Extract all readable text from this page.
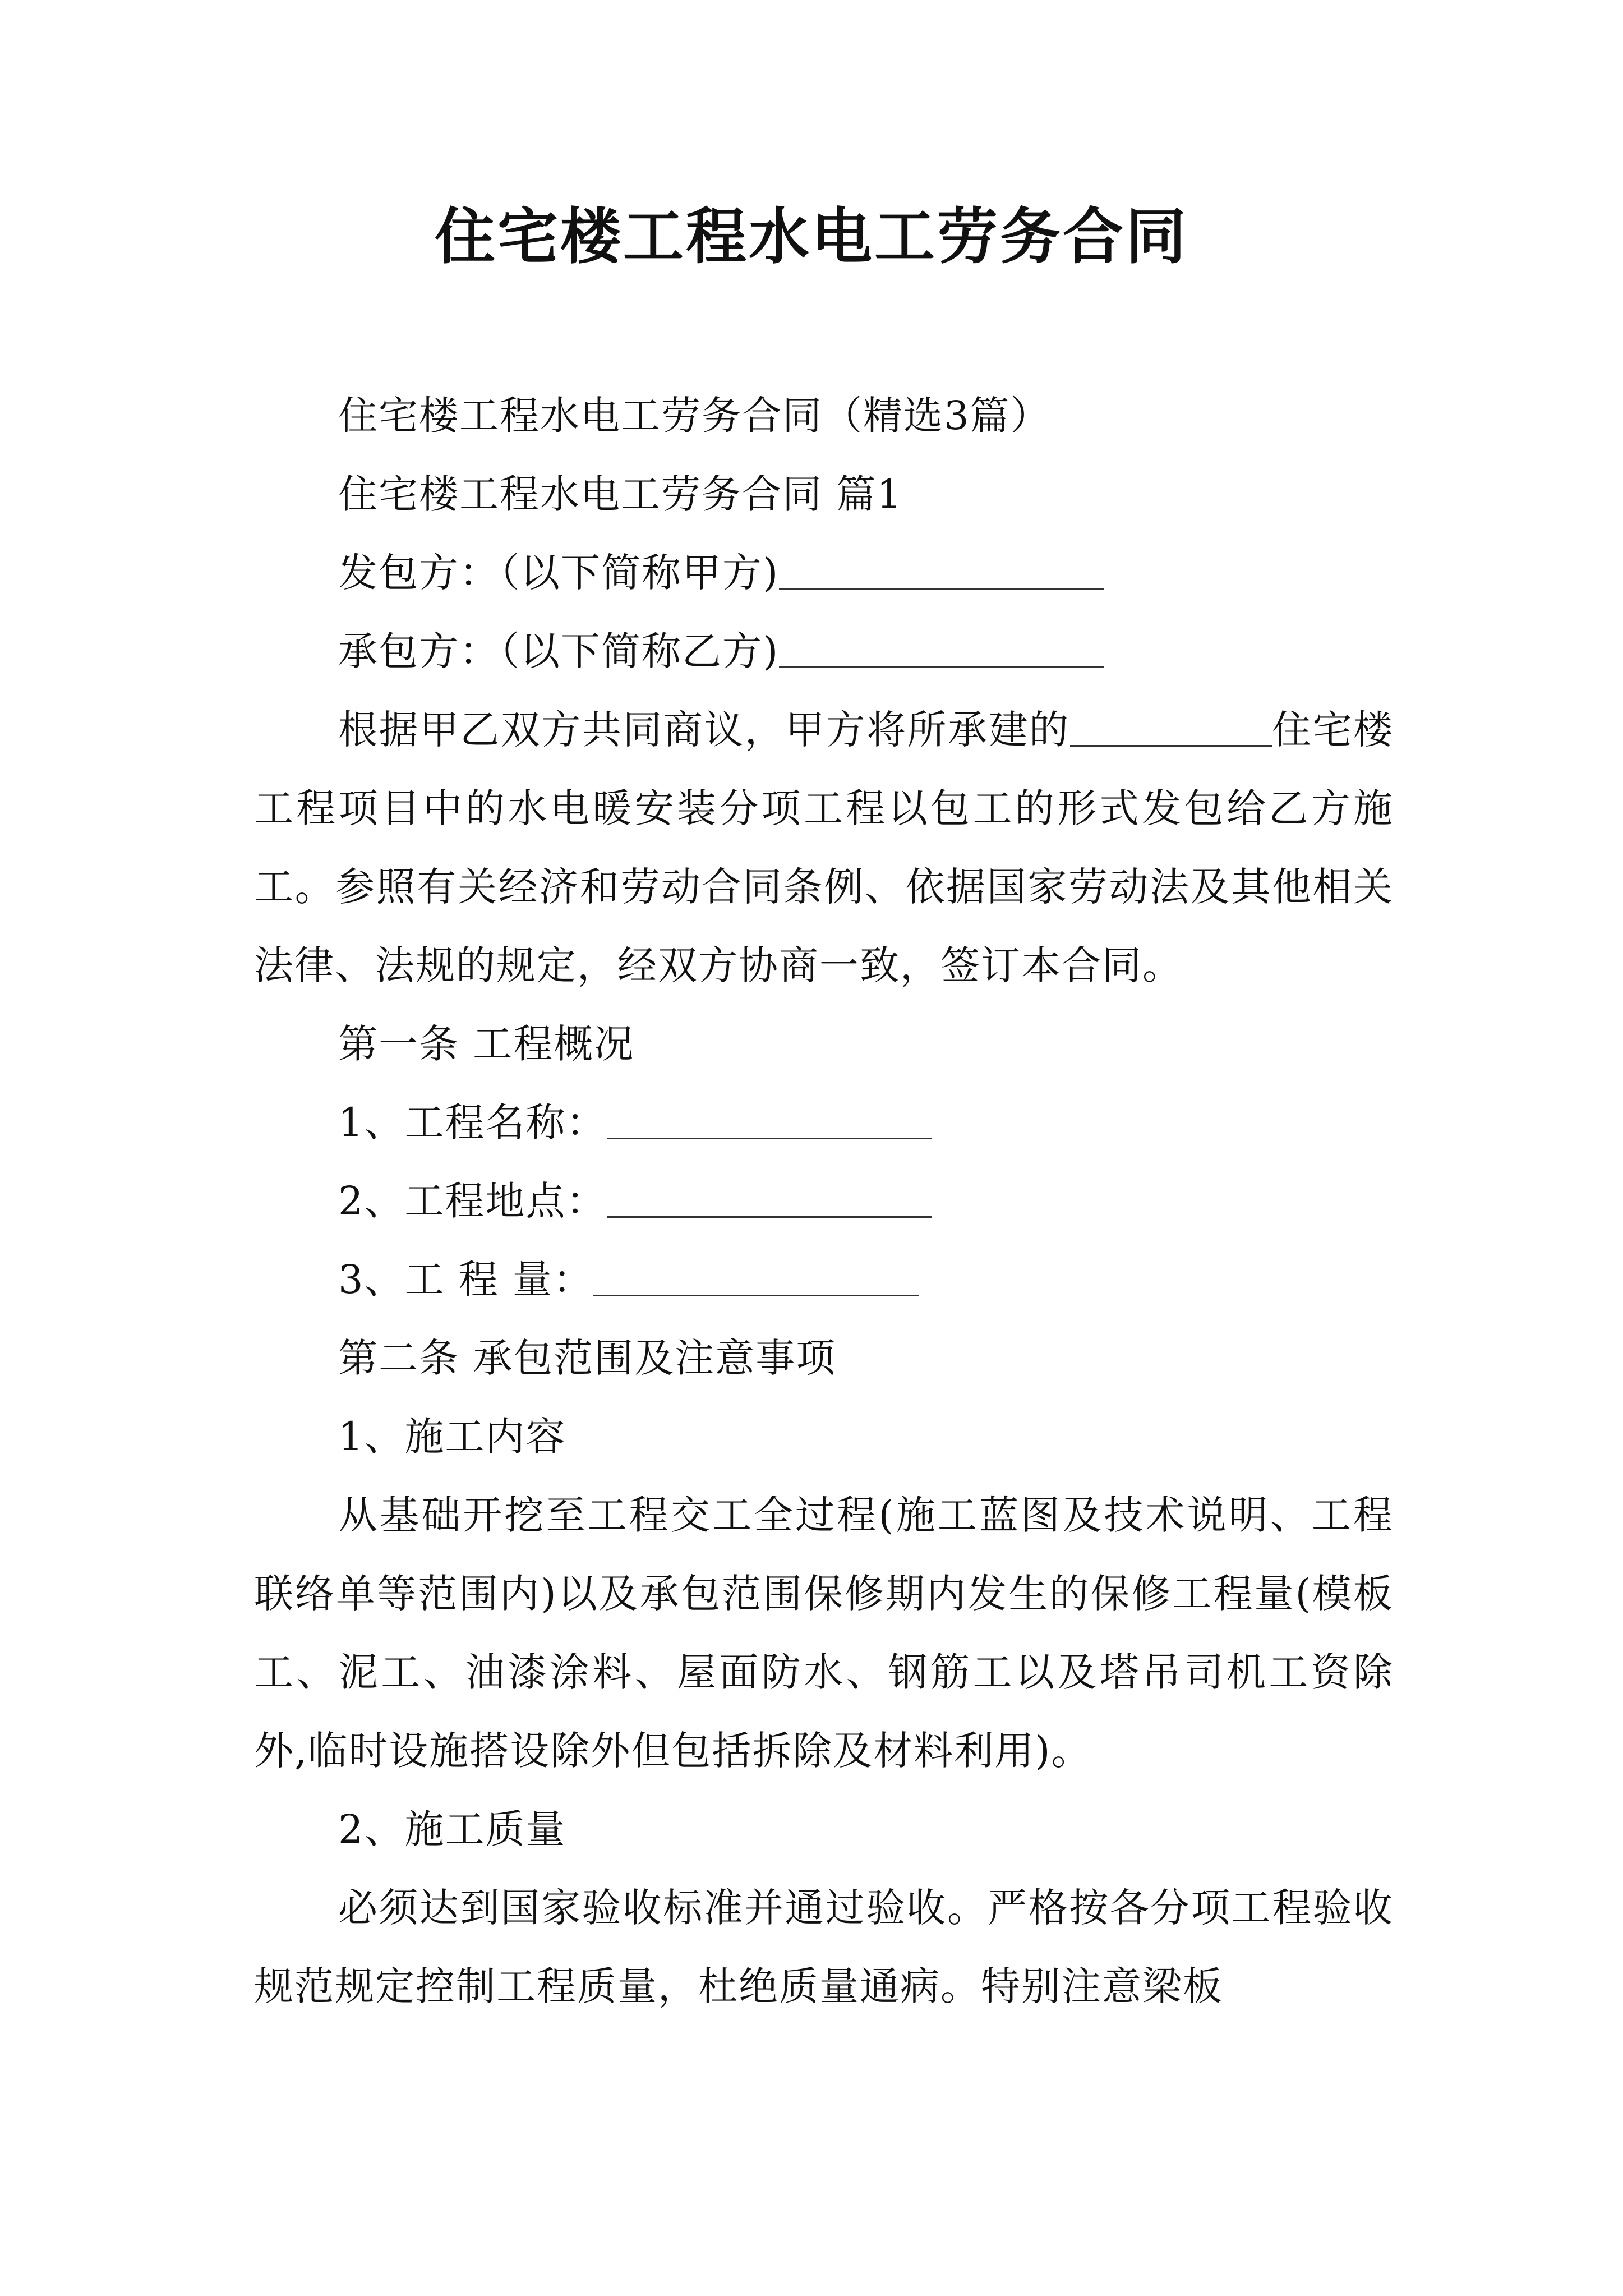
住宅楼工程水电工劳务合同

住宅楼工程水电工劳务合同（精选3篇）

住宅楼工程水电工劳务合同 篇1

发包方：（以下简称甲方)

承包方：（以下简称乙方)

根据甲乙双方共同商议，甲方将所承建的	住宅楼工程项目中的水电暖安装分项工程以包工的形式发包给乙方施工。参照有关经济和劳动合同条例、依据国家劳动法及其他相关法律、法规的规定，经双方协商一致，签订本合同。

第一条 工程概况

1、工程名称：

2、工程地点：

3、工 程 量：

第二条 承包范围及注意事项

1、施工内容

从基础开挖至工程交工全过程(施工蓝图及技术说明、工程联络单等范围内)以及承包范围保修期内发生的保修工程量(模板工、泥工、油漆涂料、屋面防水、钢筋工以及塔吊司机工资除外,临时设施搭设除外但包括拆除及材料利用)。

2、施工质量

必须达到国家验收标准并通过验收。严格按各分项工程验收规范规定控制工程质量，杜绝质量通病。特别注意梁板
